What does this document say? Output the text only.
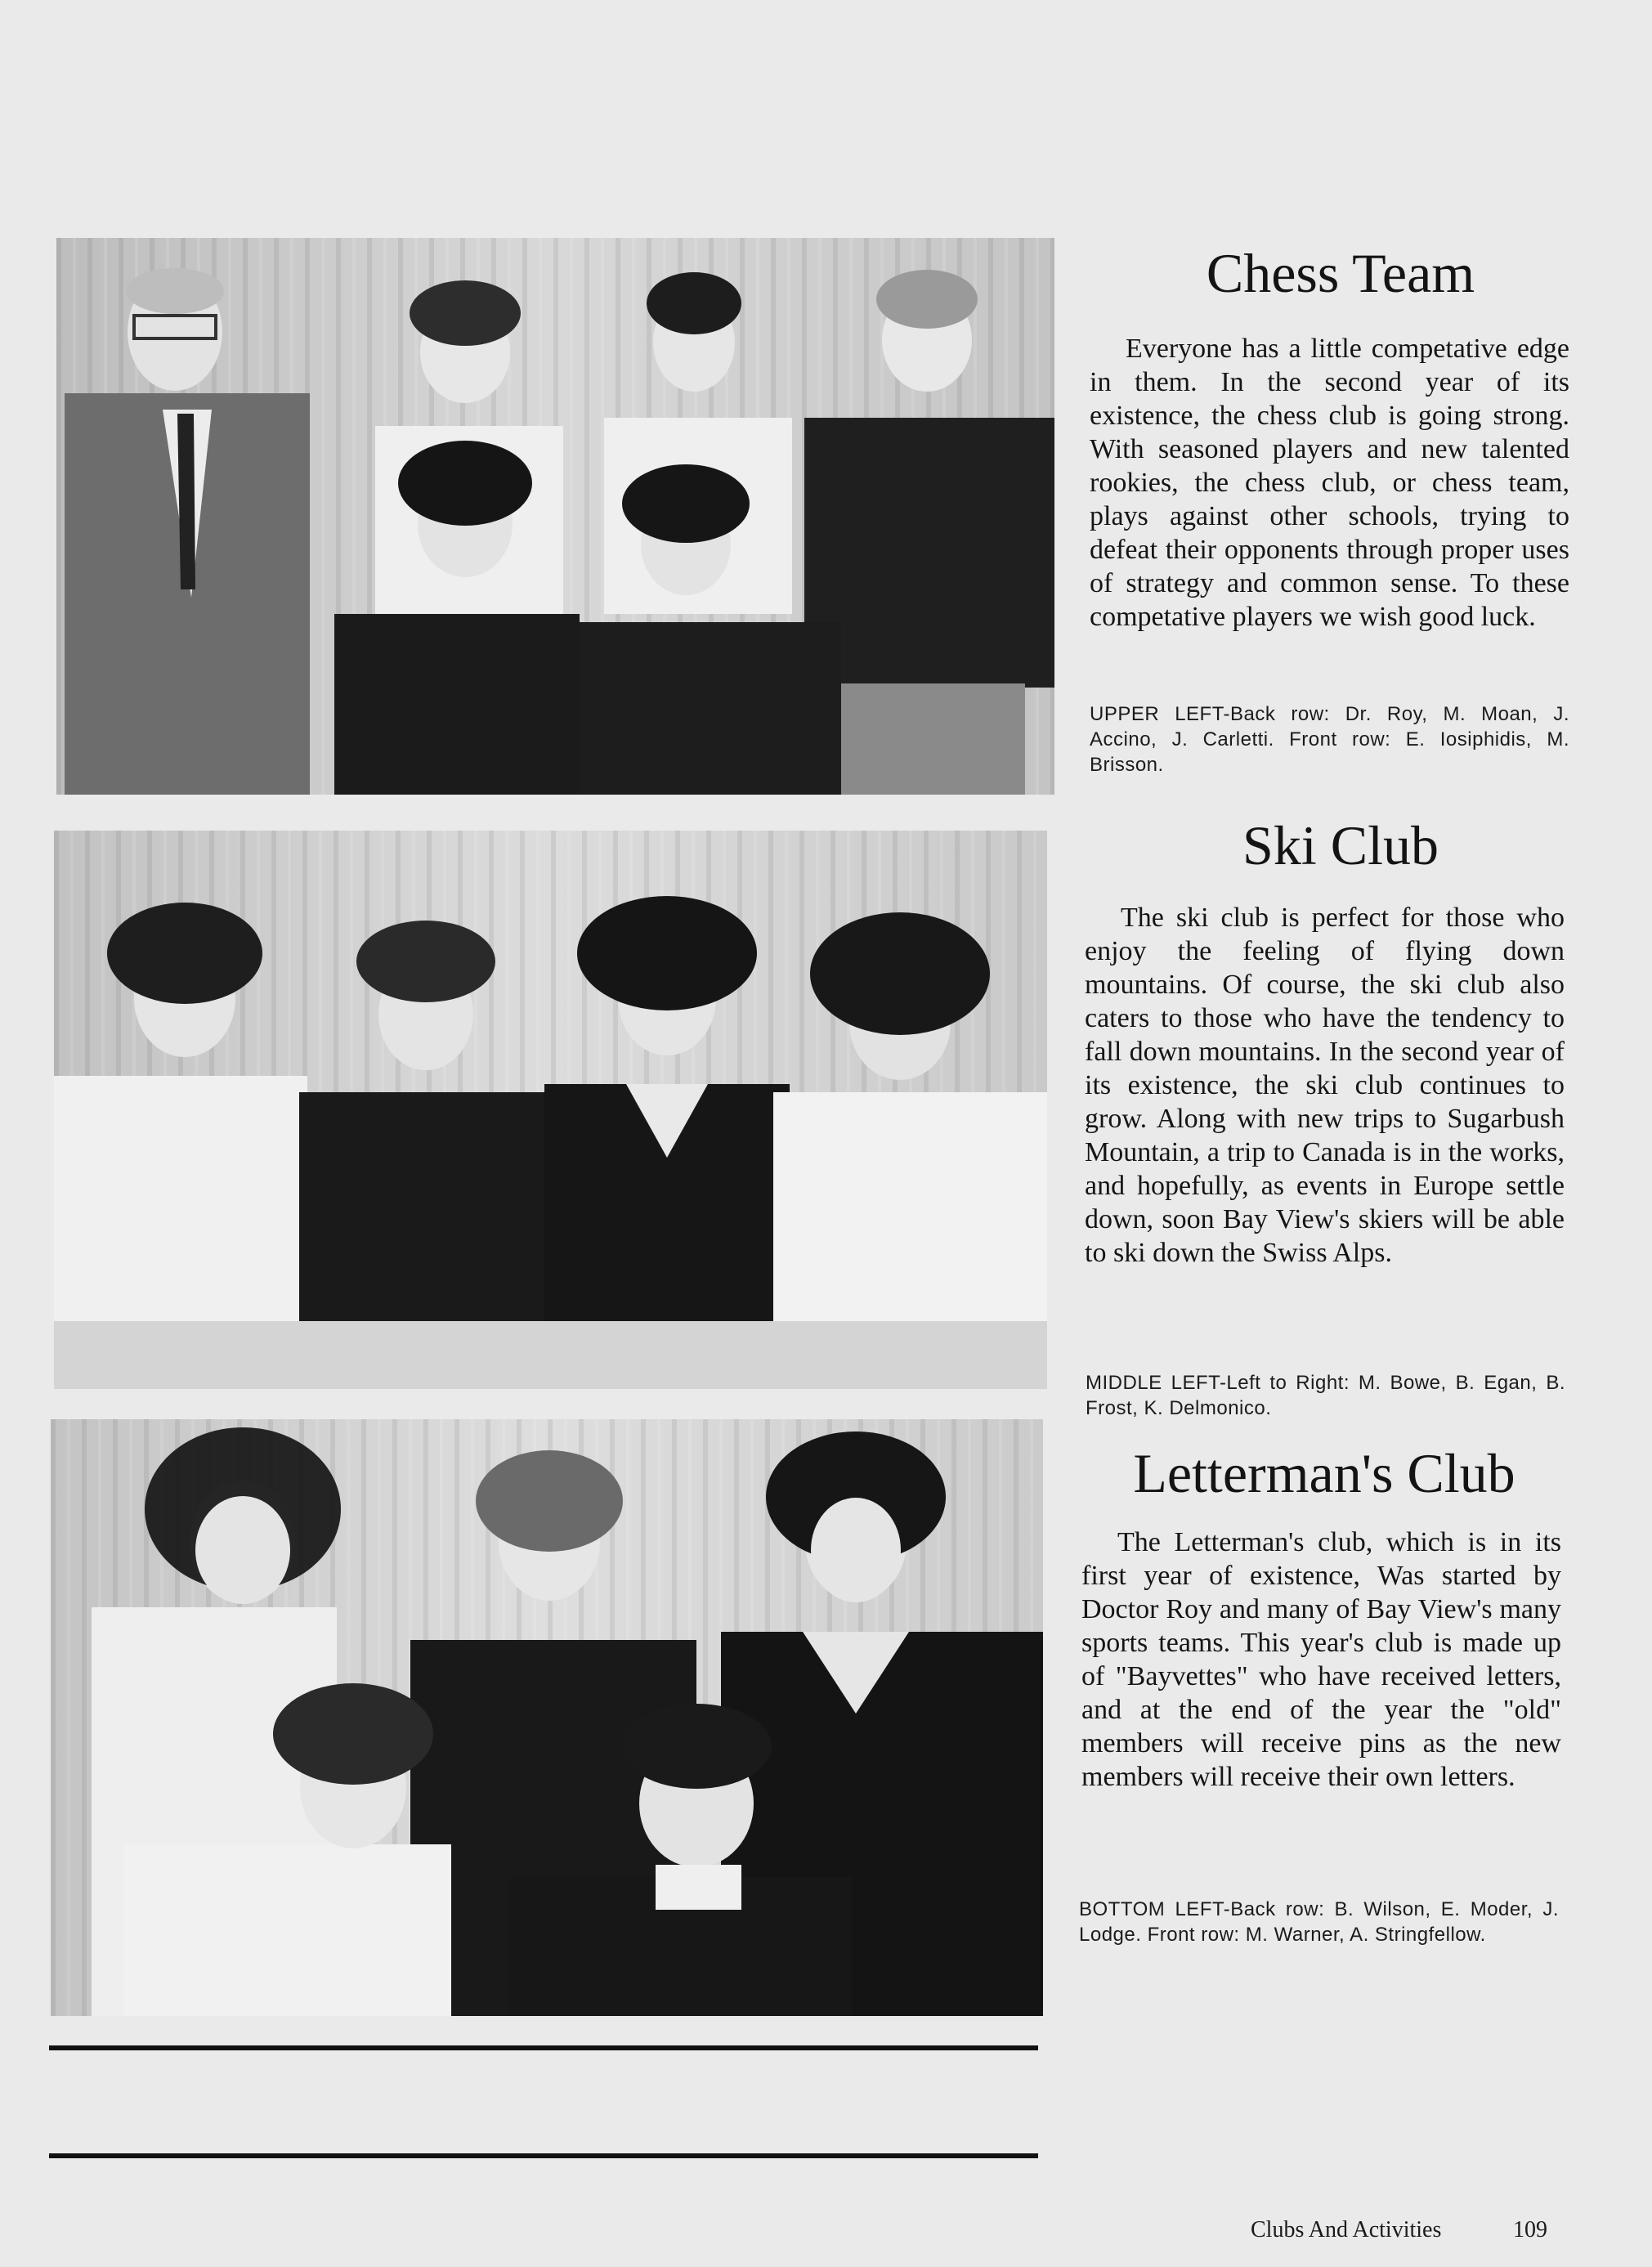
Chess Team

Everyone has a little competative edge in them. In the second year of its existence, the chess club is going strong. With seasoned players and new talented rookies, the chess club, or chess team, plays against other schools, trying to defeat their opponents through proper uses of strategy and common sense. To these competative players we wish good luck.

UPPER LEFT-Back row: Dr. Roy, M. Moan, J. Accino, J. Carletti. Front row: E. Iosiphidis, M. Brisson.

Ski Club

The ski club is perfect for those who enjoy the feeling of flying down mountains. Of course, the ski club also caters to those who have the tendency to fall down mountains. In the second year of its existence, the ski club continues to grow. Along with new trips to Sugarbush Mountain, a trip to Canada is in the works, and hopefully, as events in Europe settle down, soon Bay View's skiers will be able to ski down the Swiss Alps.

MIDDLE LEFT-Left to Right: M. Bowe, B. Egan, B. Frost, K. Delmonico.

Letterman's Club

The Letterman's club, which is in its first year of existence, Was started by Doctor Roy and many of Bay View's many sports teams. This year's club is made up of "Bayvettes" who have received letters, and at the end of the year the "old" members will receive pins as the new members will receive their own letters.

BOTTOM LEFT-Back row: B. Wilson, E. Moder, J. Lodge. Front row: M. Warner, A. Stringfellow.

Clubs And Activities	109
